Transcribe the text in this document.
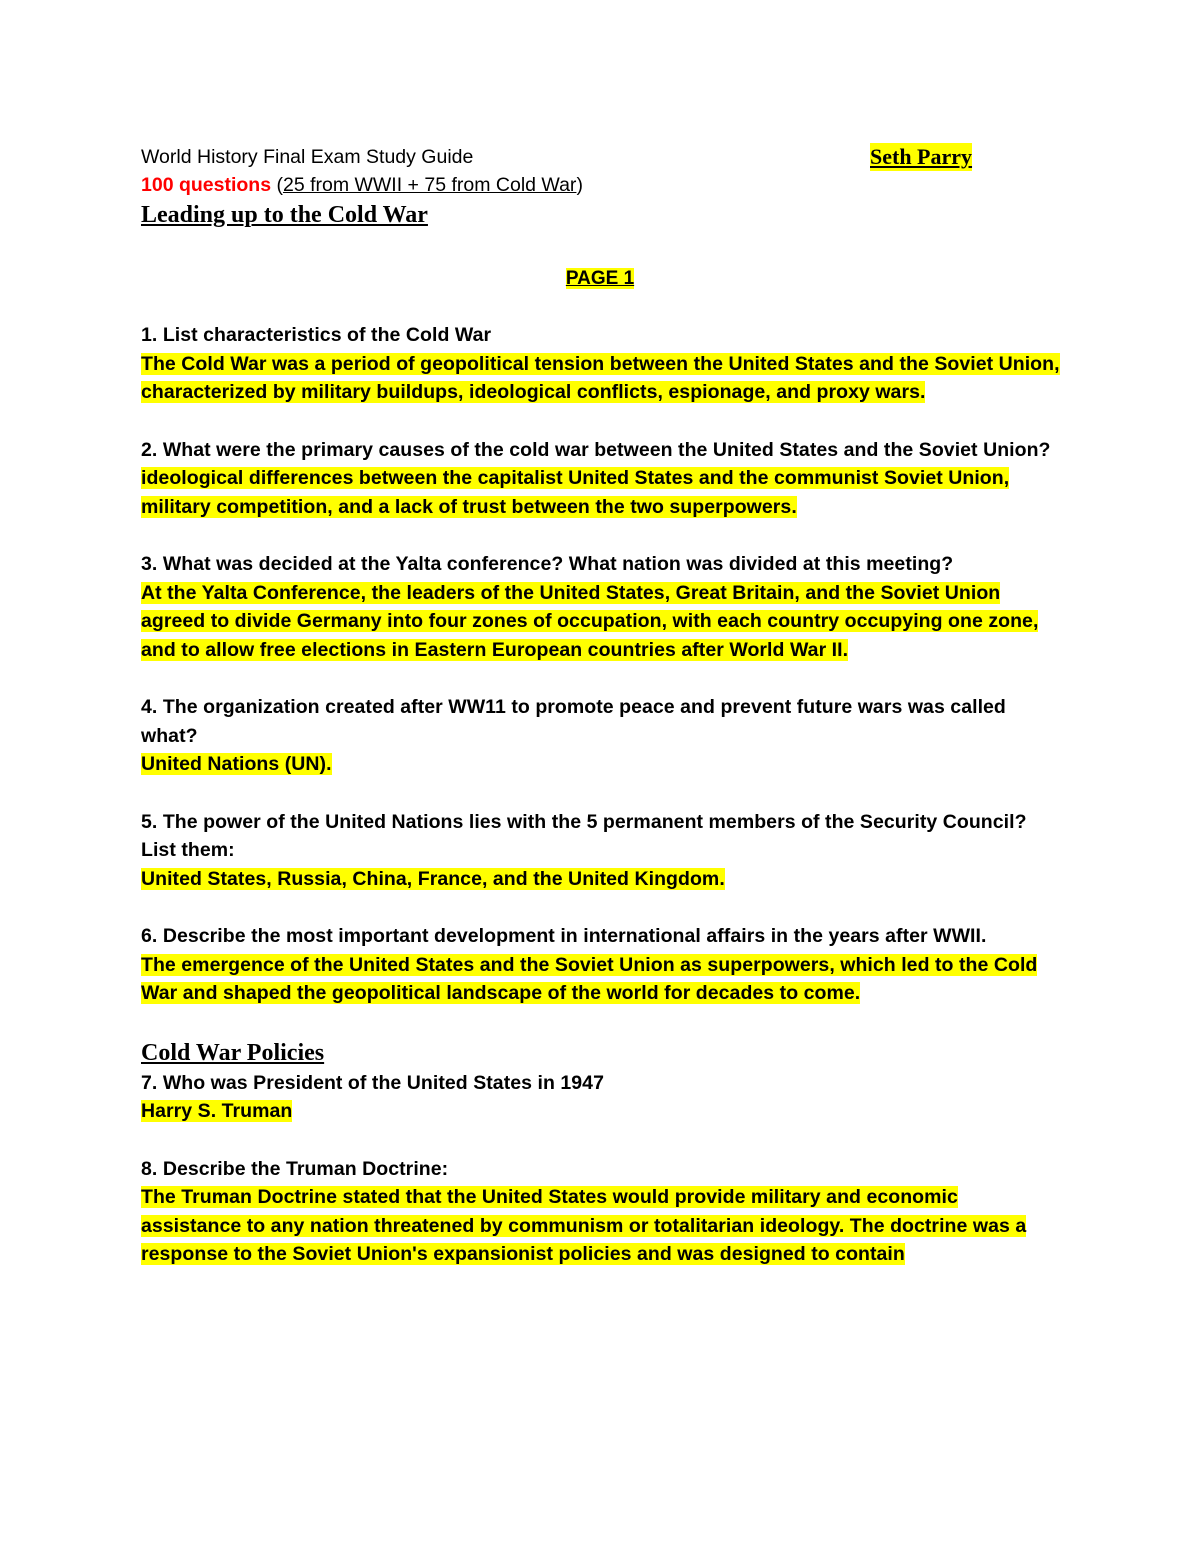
World History Final Exam Study Guide	Seth Parry
100 questions (25 from WWII + 75 from Cold War)
Leading up to the Cold War
PAGE 1
1. List characteristics of the Cold War
The Cold War was a period of geopolitical tension between the United States and the Soviet Union, characterized by military buildups, ideological conflicts, espionage, and proxy wars.
2. What were the primary causes of the cold war between the United States and the Soviet Union?
ideological differences between the capitalist United States and the communist Soviet Union, military competition, and a lack of trust between the two superpowers.
3. What was decided at the Yalta conference? What nation was divided at this meeting?
At the Yalta Conference, the leaders of the United States, Great Britain, and the Soviet Union agreed to divide Germany into four zones of occupation, with each country occupying one zone, and to allow free elections in Eastern European countries after World War II.
4. The organization created after WW11 to promote peace and prevent future wars was called what?
United Nations (UN).
5. The power of the United Nations lies with the 5 permanent members of the Security Council? List them:
United States, Russia, China, France, and the United Kingdom.
6. Describe the most important development in international affairs in the years after WWII.
The emergence of the United States and the Soviet Union as superpowers, which led to the Cold War and shaped the geopolitical landscape of the world for decades to come.
Cold War Policies
7. Who was President of the United States in 1947
Harry S. Truman
8. Describe the Truman Doctrine:
The Truman Doctrine stated that the United States would provide military and economic assistance to any nation threatened by communism or totalitarian ideology. The doctrine was a response to the Soviet Union's expansionist policies and was designed to contain
